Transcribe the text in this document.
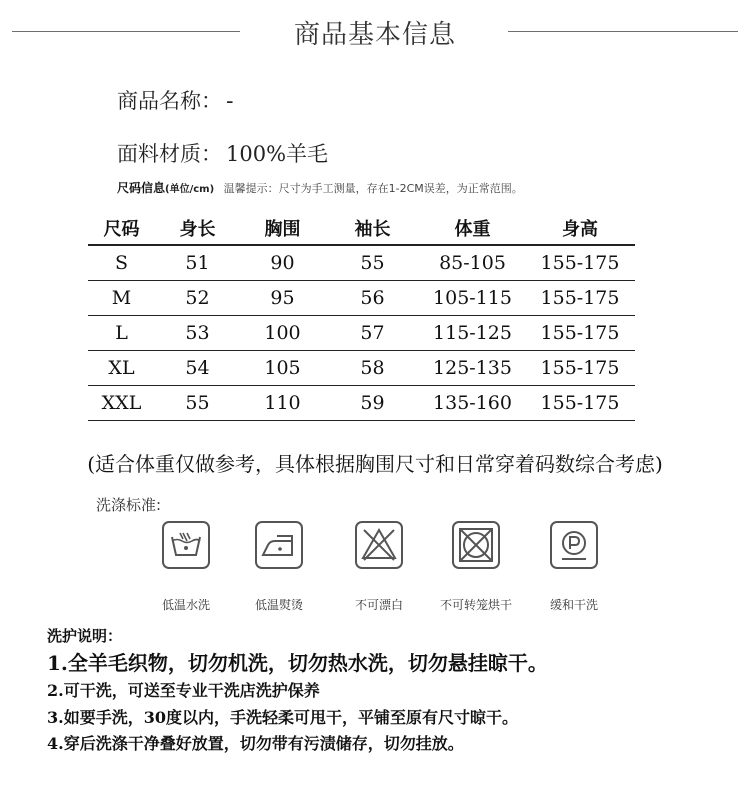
商品基本信息
商品名称： -
面料材质： 100%羊毛
尺码信息(单位/cm) 温馨提示：尺寸为手工测量，存在1-2CM误差，为正常范围。
尺码	身长	胸围	袖长	体重	身高
S	51	90	55	85-105	155-175
M	52	95	56	105-115	155-175
L	53	100	57	115-125	155-175
XL	54	105	58	125-135	155-175
XXL	55	110	59	135-160	155-175
(适合体重仅做参考，具体根据胸围尺寸和日常穿着码数综合考虑)
洗涤标准:
低温水洗	低温熨烫	不可漂白	不可转笼烘干	缓和干洗
洗护说明：
1.全羊毛织物，切勿机洗，切勿热水洗，切勿悬挂晾干。
2.可干洗，可送至专业干洗店洗护保养
3.如要手洗，30度以内，手洗轻柔可甩干，平铺至原有尺寸晾干。
4.穿后洗涤干净叠好放置，切勿带有污渍储存，切勿挂放。
